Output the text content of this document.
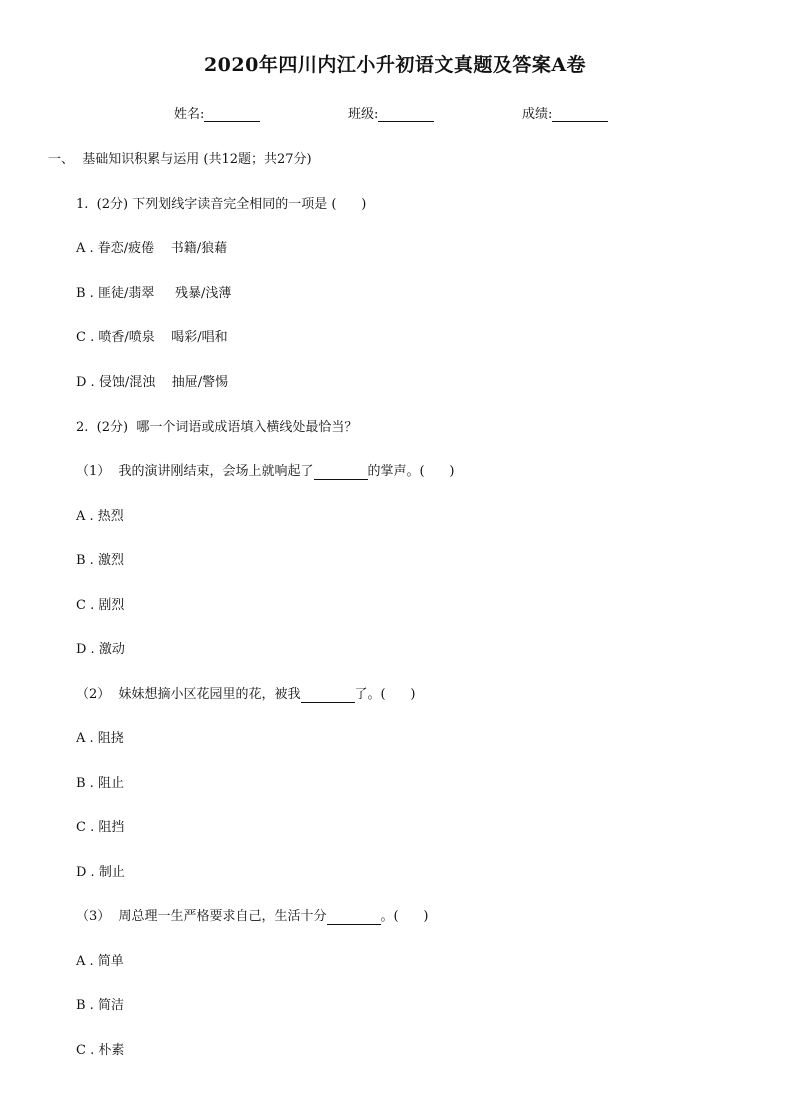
2020年四川内江小升初语文真题及答案A卷
姓名:	班级:	成绩:
一、  基础知识积累与运用 (共12题；共27分)
1.  (2分) 下列划线字读音完全相同的一项是 (      )
A . 眷恋/疲倦    书籍/狼藉
B . 匪徒/翡翠     残暴/浅薄
C . 喷香/喷泉    喝彩/唱和
D . 侵蚀/混浊    抽屉/警惕
2.  (2分)  哪一个词语或成语填入横线处最恰当？
（1）  我的演讲刚结束，会场上就响起了	的掌声。(      )
A . 热烈
B . 激烈
C . 剧烈
D . 激动
（2）  妹妹想摘小区花园里的花，被我	了。(      )
A . 阻挠
B . 阻止
C . 阻挡
D . 制止
（3）  周总理一生严格要求自己，生活十分	。(      )
A . 简单
B . 简洁
C . 朴素
